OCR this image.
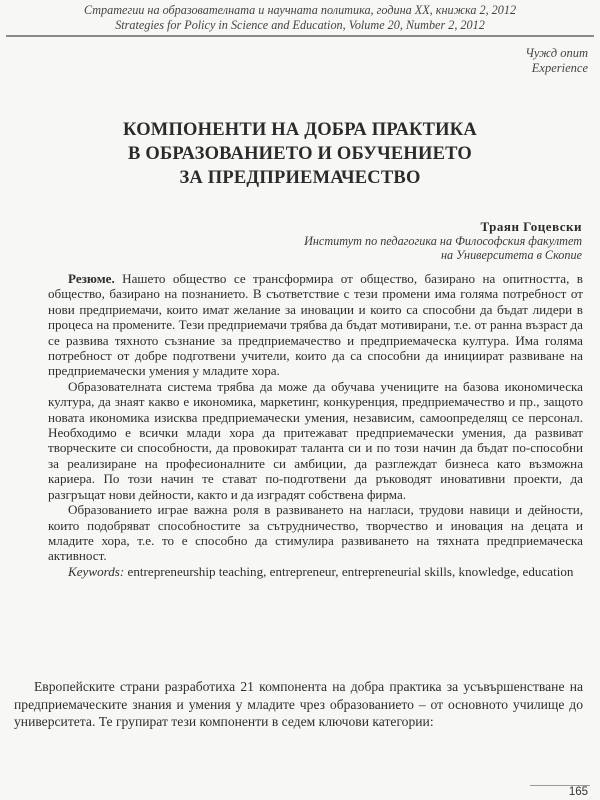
Стратегии на образователната и научната политика, година XX, книжка 2, 2012
Strategies for Policy in Science and Education, Volume 20, Number 2, 2012
Чужд опит
Experience
КОМПОНЕНТИ НА ДОБРА ПРАКТИКА
В ОБРАЗОВАНИЕТО И ОБУЧЕНИЕТО
ЗА ПРЕДПРИЕМАЧЕСТВО
Траян Гоцевски
Институт по педагогика на Философския факултет
на Университета в Скопие

Резюме. Нашето общество се трансформира от общество, базирано на опитността, в общество, базирано на познанието. В съответствие с тези промени има голяма потребност от нови предприемачи, които имат желание за иновации и които са способни да бъдат лидери в процеса на промените. Тези предприемачи трябва да бъдат мотивирани, т.е. от ранна възраст да се развива тяхното съзнание за предприемачество и предприемаческа култура. Има голяма потребност от добре подготвени учители, които да са способни да инициират развиване на предприемачески умения у младите хора.

Образователната система трябва да може да обучава учениците на базова икономическа култура, да знаят какво е икономика, маркетинг, конкуренция, предприемачество и пр., защото новата икономика изисква предприемачески умения, независим, самоопределящ се персонал. Необходимо е всички млади хора да притежават предприемачески умения, да развиват творческите си способности, да провокират таланта си и по този начин да бъдат по-способни за реализиране на професионалните си амбиции, да разглеждат бизнеса като възможна кариера. По този начин те стават по-подготвени да ръководят иновативни проекти, да разгръщат нови дейности, както и да изградят собствена фирма.

Образованието играе важна роля в развиването на нагласи, трудови навици и дейности, които подобряват способностите за сътрудничество, творчество и иновация на децата и младите хора, т.е. то е способно да стимулира развиването на тяхната предприемаческа активност.

Keywords: entrepreneurship teaching, entrepreneur, entrepreneurial skills, knowledge, education

Европейските страни разработиха 21 компонента на добра практика за усъвършенстване на предприемаческите знания и умения у младите чрез образованието – от основното училище до университета. Те групират тези компоненти в седем ключови категории:

165
